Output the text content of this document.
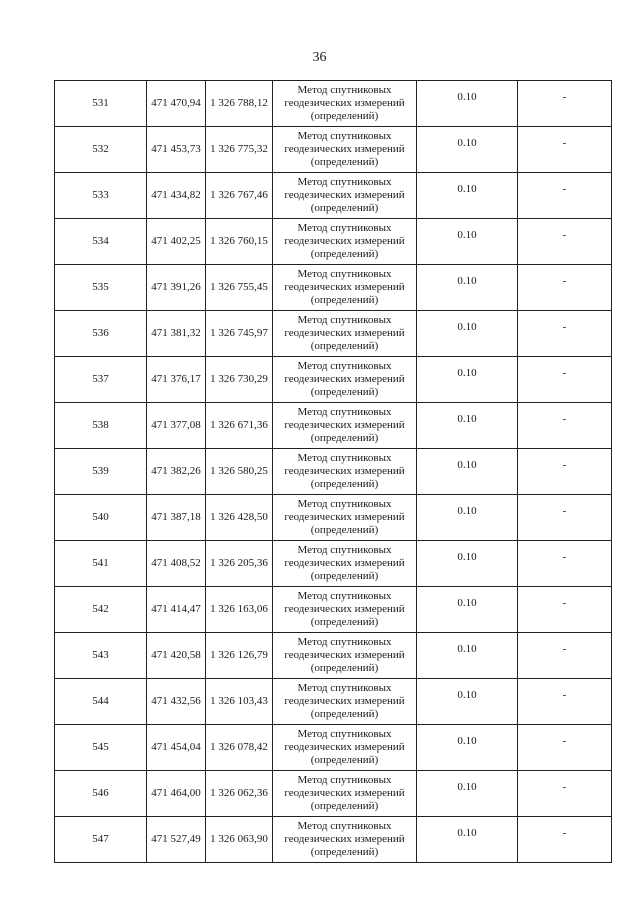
36
531	471 470,94	1 326 788,12	Метод спутниковых
геодезических измерений
(определений)	0.10	-
532	471 453,73	1 326 775,32	Метод спутниковых
геодезических измерений
(определений)	0.10	-
533	471 434,82	1 326 767,46	Метод спутниковых
геодезических измерений
(определений)	0.10	-
534	471 402,25	1 326 760,15	Метод спутниковых
геодезических измерений
(определений)	0.10	-
535	471 391,26	1 326 755,45	Метод спутниковых
геодезических измерений
(определений)	0.10	-
536	471 381,32	1 326 745,97	Метод спутниковых
геодезических измерений
(определений)	0.10	-
537	471 376,17	1 326 730,29	Метод спутниковых
геодезических измерений
(определений)	0.10	-
538	471 377,08	1 326 671,36	Метод спутниковых
геодезических измерений
(определений)	0.10	-
539	471 382,26	1 326 580,25	Метод спутниковых
геодезических измерений
(определений)	0.10	-
540	471 387,18	1 326 428,50	Метод спутниковых
геодезических измерений
(определений)	0.10	-
541	471 408,52	1 326 205,36	Метод спутниковых
геодезических измерений
(определений)	0.10	-
542	471 414,47	1 326 163,06	Метод спутниковых
геодезических измерений
(определений)	0.10	-
543	471 420,58	1 326 126,79	Метод спутниковых
геодезических измерений
(определений)	0.10	-
544	471 432,56	1 326 103,43	Метод спутниковых
геодезических измерений
(определений)	0.10	-
545	471 454,04	1 326 078,42	Метод спутниковых
геодезических измерений
(определений)	0.10	-
546	471 464,00	1 326 062,36	Метод спутниковых
геодезических измерений
(определений)	0.10	-
547	471 527,49	1 326 063,90	Метод спутниковых
геодезических измерений
(определений)	0.10	-
